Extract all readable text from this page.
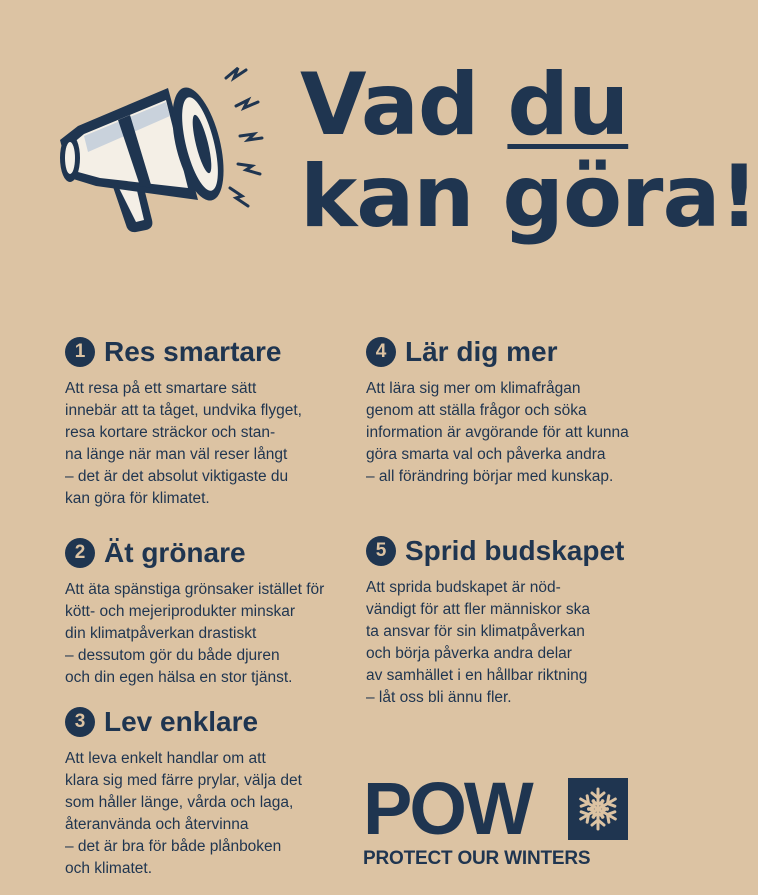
Vad du
kan göra!
1 Res smartare
Att resa på ett smartare sätt
innebär att ta tåget, undvika flyget,
resa kortare sträckor och stan-
na länge när man väl reser långt
– det är det absolut viktigaste du
kan göra för klimatet.
2 Ät grönare
Att äta spänstiga grönsaker istället för
kött- och mejeriprodukter minskar
din klimatpåverkan drastiskt
– dessutom gör du både djuren
och din egen hälsa en stor tjänst.
3 Lev enklare
Att leva enkelt handlar om att
klara sig med färre prylar, välja det
som håller länge, vårda och laga,
återanvända och återvinna
– det är bra för både plånboken
och klimatet.
4 Lär dig mer
Att lära sig mer om klimafrågan
genom att ställa frågor och söka
information är avgörande för att kunna
göra smarta val och påverka andra
– all förändring börjar med kunskap.
5 Sprid budskapet
Att sprida budskapet är nöd-
vändigt för att fler människor ska
ta ansvar för sin klimatpåverkan
och börja påverka andra delar
av samhället i en hållbar riktning
– låt oss bli ännu fler.
POW
PROTECT OUR WINTERS
